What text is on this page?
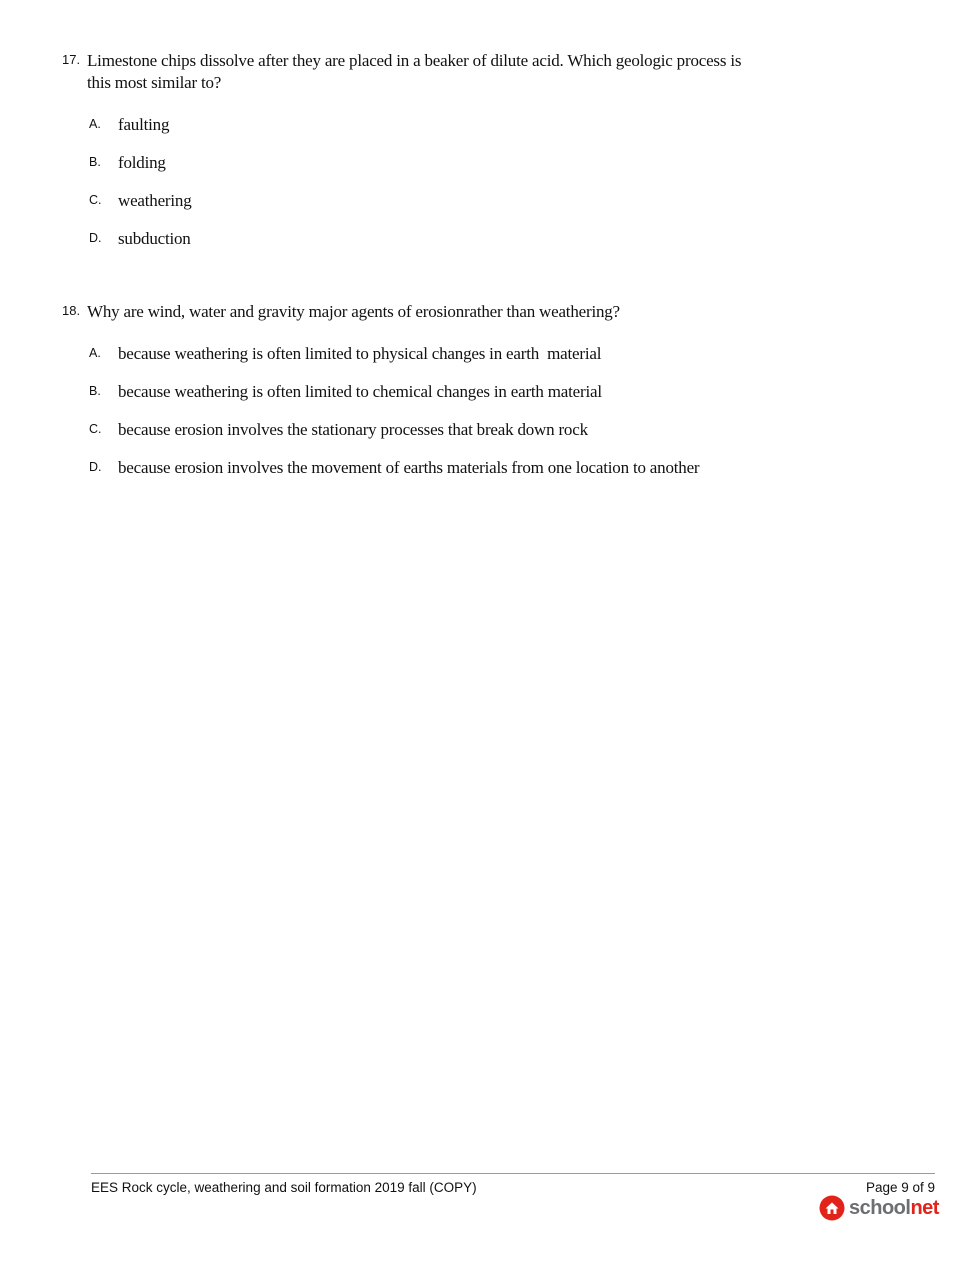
17. Limestone chips dissolve after they are placed in a beaker of dilute acid. Which geologic process is this most similar to?
A. faulting
B. folding
C. weathering
D. subduction
18. Why are wind, water and gravity major agents of erosionrather than weathering?
A. because weathering is often limited to physical changes in earth  material
B. because weathering is often limited to chemical changes in earth material
C. because erosion involves the stationary processes that break down rock
D. because erosion involves the movement of earths materials from one location to another
EES Rock cycle, weathering and soil formation 2019 fall (COPY)	Page 9 of 9
schoolnet
